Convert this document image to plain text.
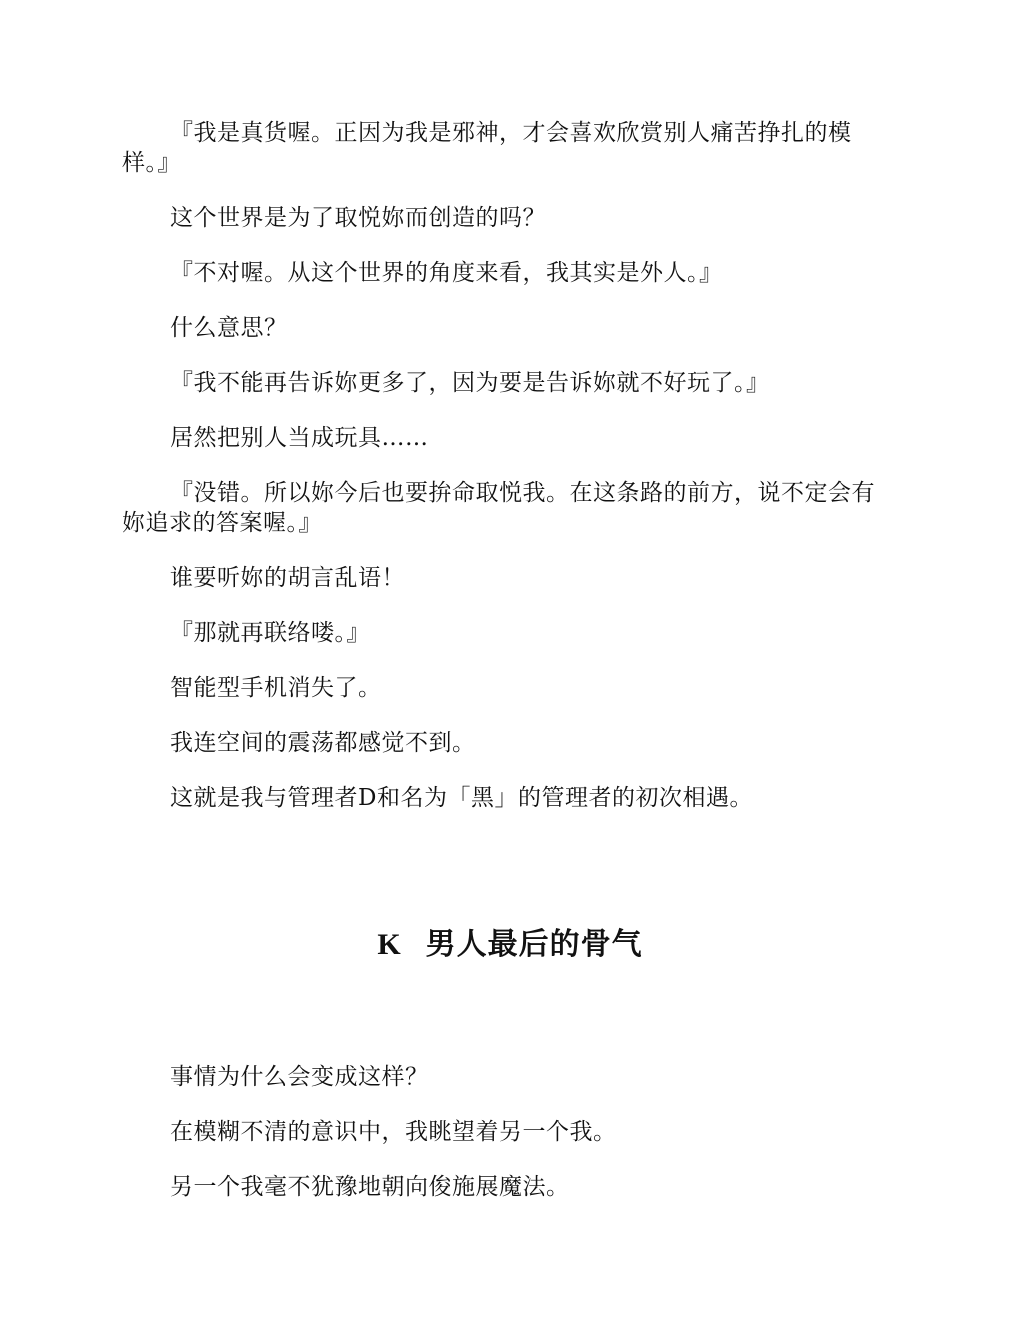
『我是真货喔。正因为我是邪神，才会喜欢欣赏别人痛苦挣扎的模样。』

这个世界是为了取悦妳而创造的吗？

『不对喔。从这个世界的角度来看，我其实是外人。』

什么意思？

『我不能再告诉妳更多了，因为要是告诉妳就不好玩了。』

居然把别人当成玩具……

『没错。所以妳今后也要拚命取悦我。在这条路的前方，说不定会有妳追求的答案喔。』

谁要听妳的胡言乱语！

『那就再联络喽。』

智能型手机消失了。

我连空间的震荡都感觉不到。

这就是我与管理者D和名为「黑」的管理者的初次相遇。

K 男人最后的骨气

事情为什么会变成这样？

在模糊不清的意识中，我眺望着另一个我。

另一个我毫不犹豫地朝向俊施展魔法。
